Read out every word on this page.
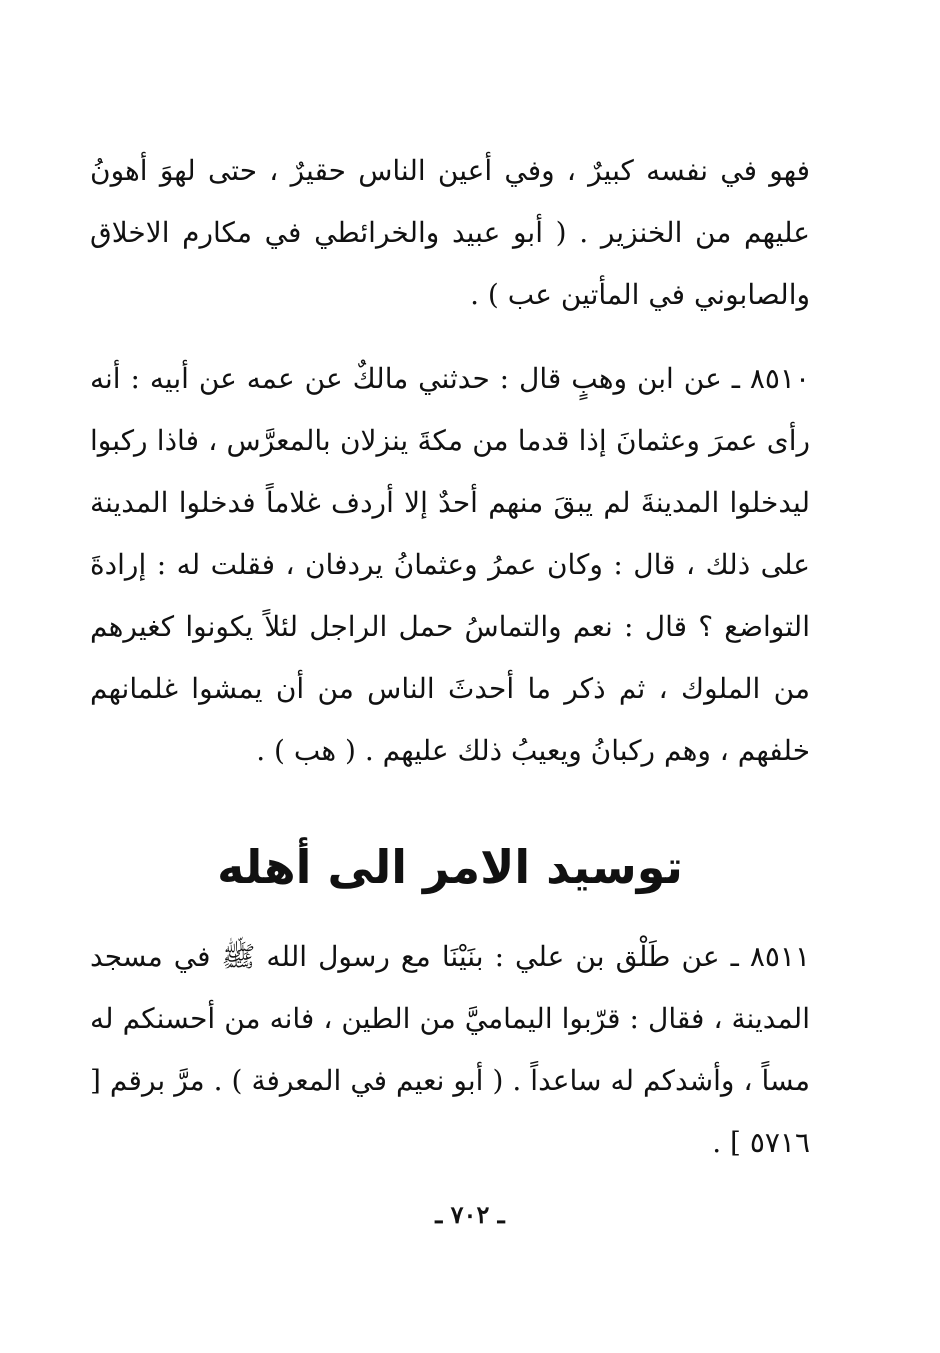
فهو في نفسه كبيرٌ ، وفي أعين الناس حقيرٌ ، حتى لهوَ أهونُ عليهم من الخنزير . ( أبو عبيد والخرائطي في مكارم الاخلاق والصابوني في المأتين عب ) .

٨٥١٠ ـ عن ابن وهبٍ قال : حدثني مالكٌ عن عمه عن أبيه : أنه رأى عمرَ وعثمانَ إذا قدما من مكةَ ينزلان بالمعرَّس ، فاذا ركبوا ليدخلوا المدينةَ لم يبقَ منهم أحدٌ إلا أردف غلاماً فدخلوا المدينة على ذلك ، قال : وكان عمرُ وعثمانُ يردفان ، فقلت له : إرادةَ التواضع ؟ قال : نعم والتماسُ حمل الراجل لئلاً يكونوا كغيرهم من الملوك ، ثم ذكر ما أحدثَ الناس من أن يمشوا غلمانهم خلفهم ، وهم ركبانُ ويعيبُ ذلك عليهم . ( هب ) .

توسيد الامر الى أهله

٨٥١١ ـ عن طَلْق بن علي : بنَيْنَا مع رسول الله ﷺ في مسجد المدينة ، فقال : قرّبوا اليماميَّ من الطين ، فانه من أحسنكم له مساً ، وأشدكم له ساعداً . ( أبو نعيم في المعرفة ) . مرَّ برقم [ ٥٧١٦ ] .

ـ ٧٠٢ ـ
